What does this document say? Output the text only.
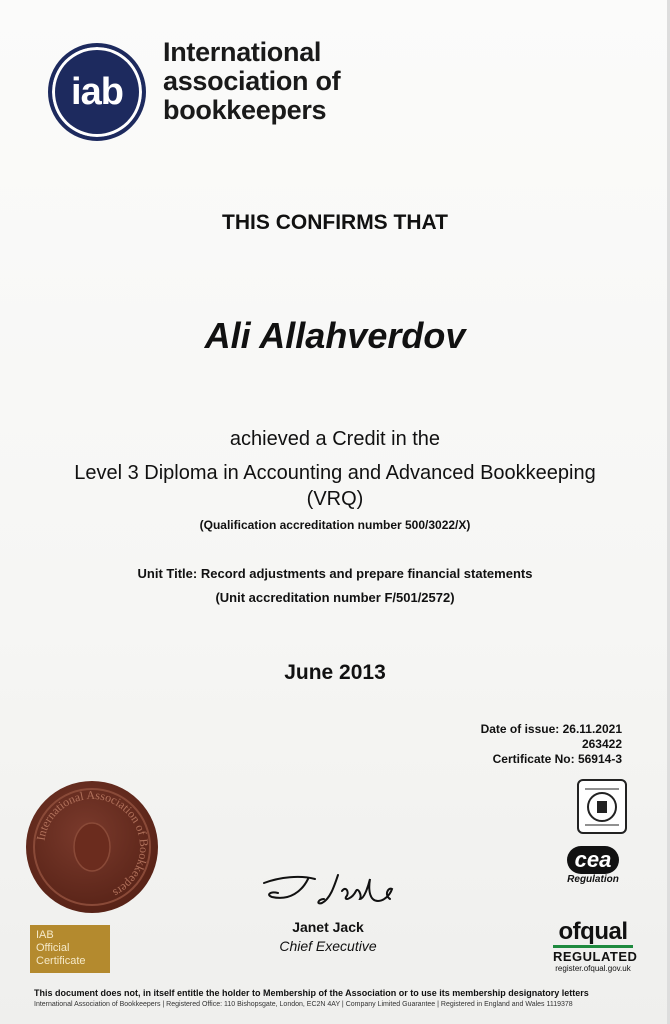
iab
International
association of
bookkeepers
THIS CONFIRMS THAT
Ali Allahverdov
achieved a Credit in the
Level 3 Diploma in Accounting and Advanced Bookkeeping
(VRQ)
(Qualification accreditation number 500/3022/X)
Unit Title: Record adjustments and prepare financial statements
(Unit accreditation number F/501/2572)
June 2013
Date of issue: 26.11.2021
263422
Certificate No: 56914-3
International Association of Bookkeepers
IAB
Official
Certificate
Janet Jack
Chief Executive
cea
Regulation
ofqual
REGULATED
register.ofqual.gov.uk
This document does not, in itself entitle the holder to Membership of the Association or to use its membership designatory letters
International Association of Bookkeepers | Registered Office: 110 Bishopsgate, London, EC2N 4AY | Company Limited Guarantee | Registered in England and Wales 1119378
